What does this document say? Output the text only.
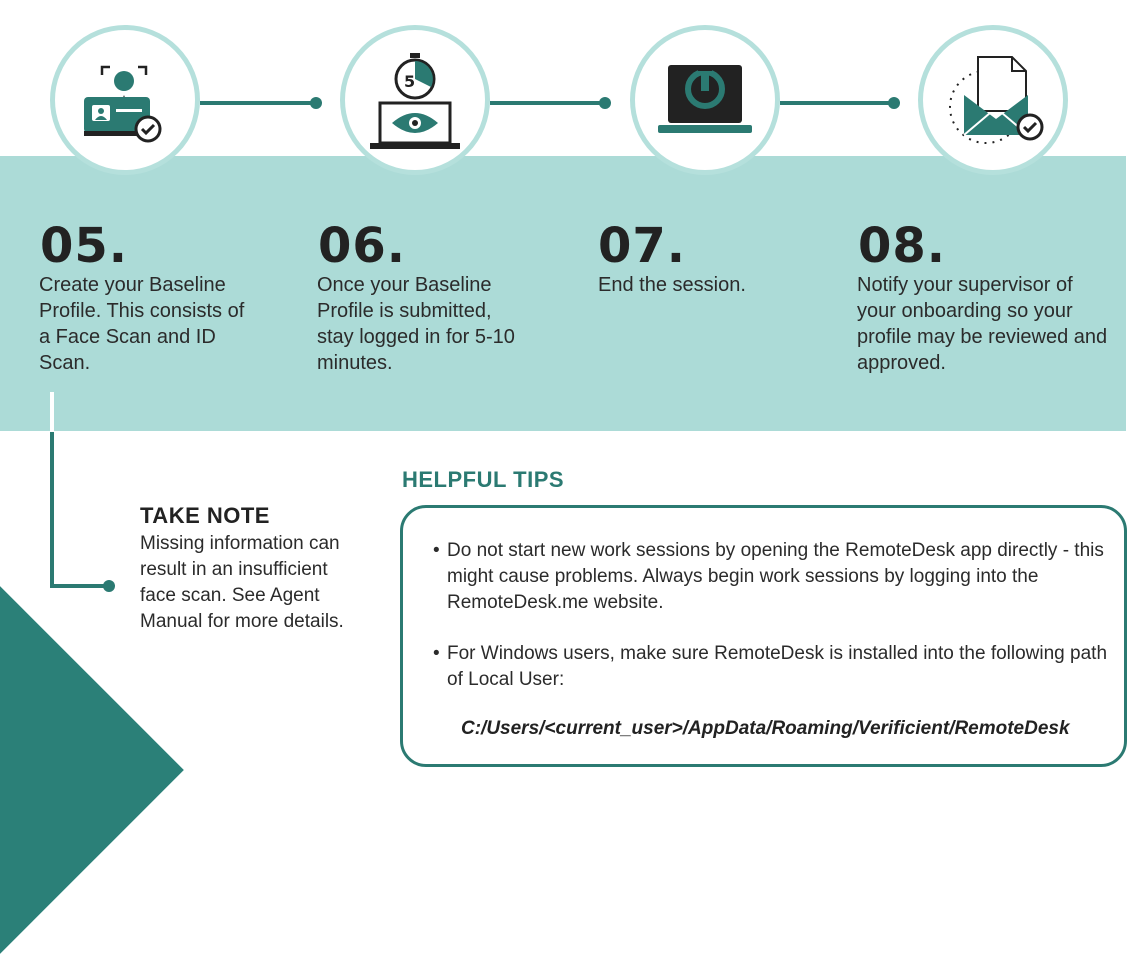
5
05.
Create your Baseline Profile. This consists of a Face Scan and ID Scan.
06.
Once your Baseline Profile is submitted, stay logged in for 5-10 minutes.
07.
End the session.
08.
Notify your supervisor of your onboarding so your profile may be reviewed and approved.
TAKE NOTE
Missing information can result in an insufficient face scan. See Agent Manual for more details.
HELPFUL TIPS
• Do not start new work sessions by opening the RemoteDesk app directly - this might cause problems. Always begin work sessions by logging into the RemoteDesk.me website.
• For Windows users, make sure RemoteDesk is installed into the following path of Local User:
C:/Users/<current_user>/AppData/Roaming/Verificient/RemoteDesk
